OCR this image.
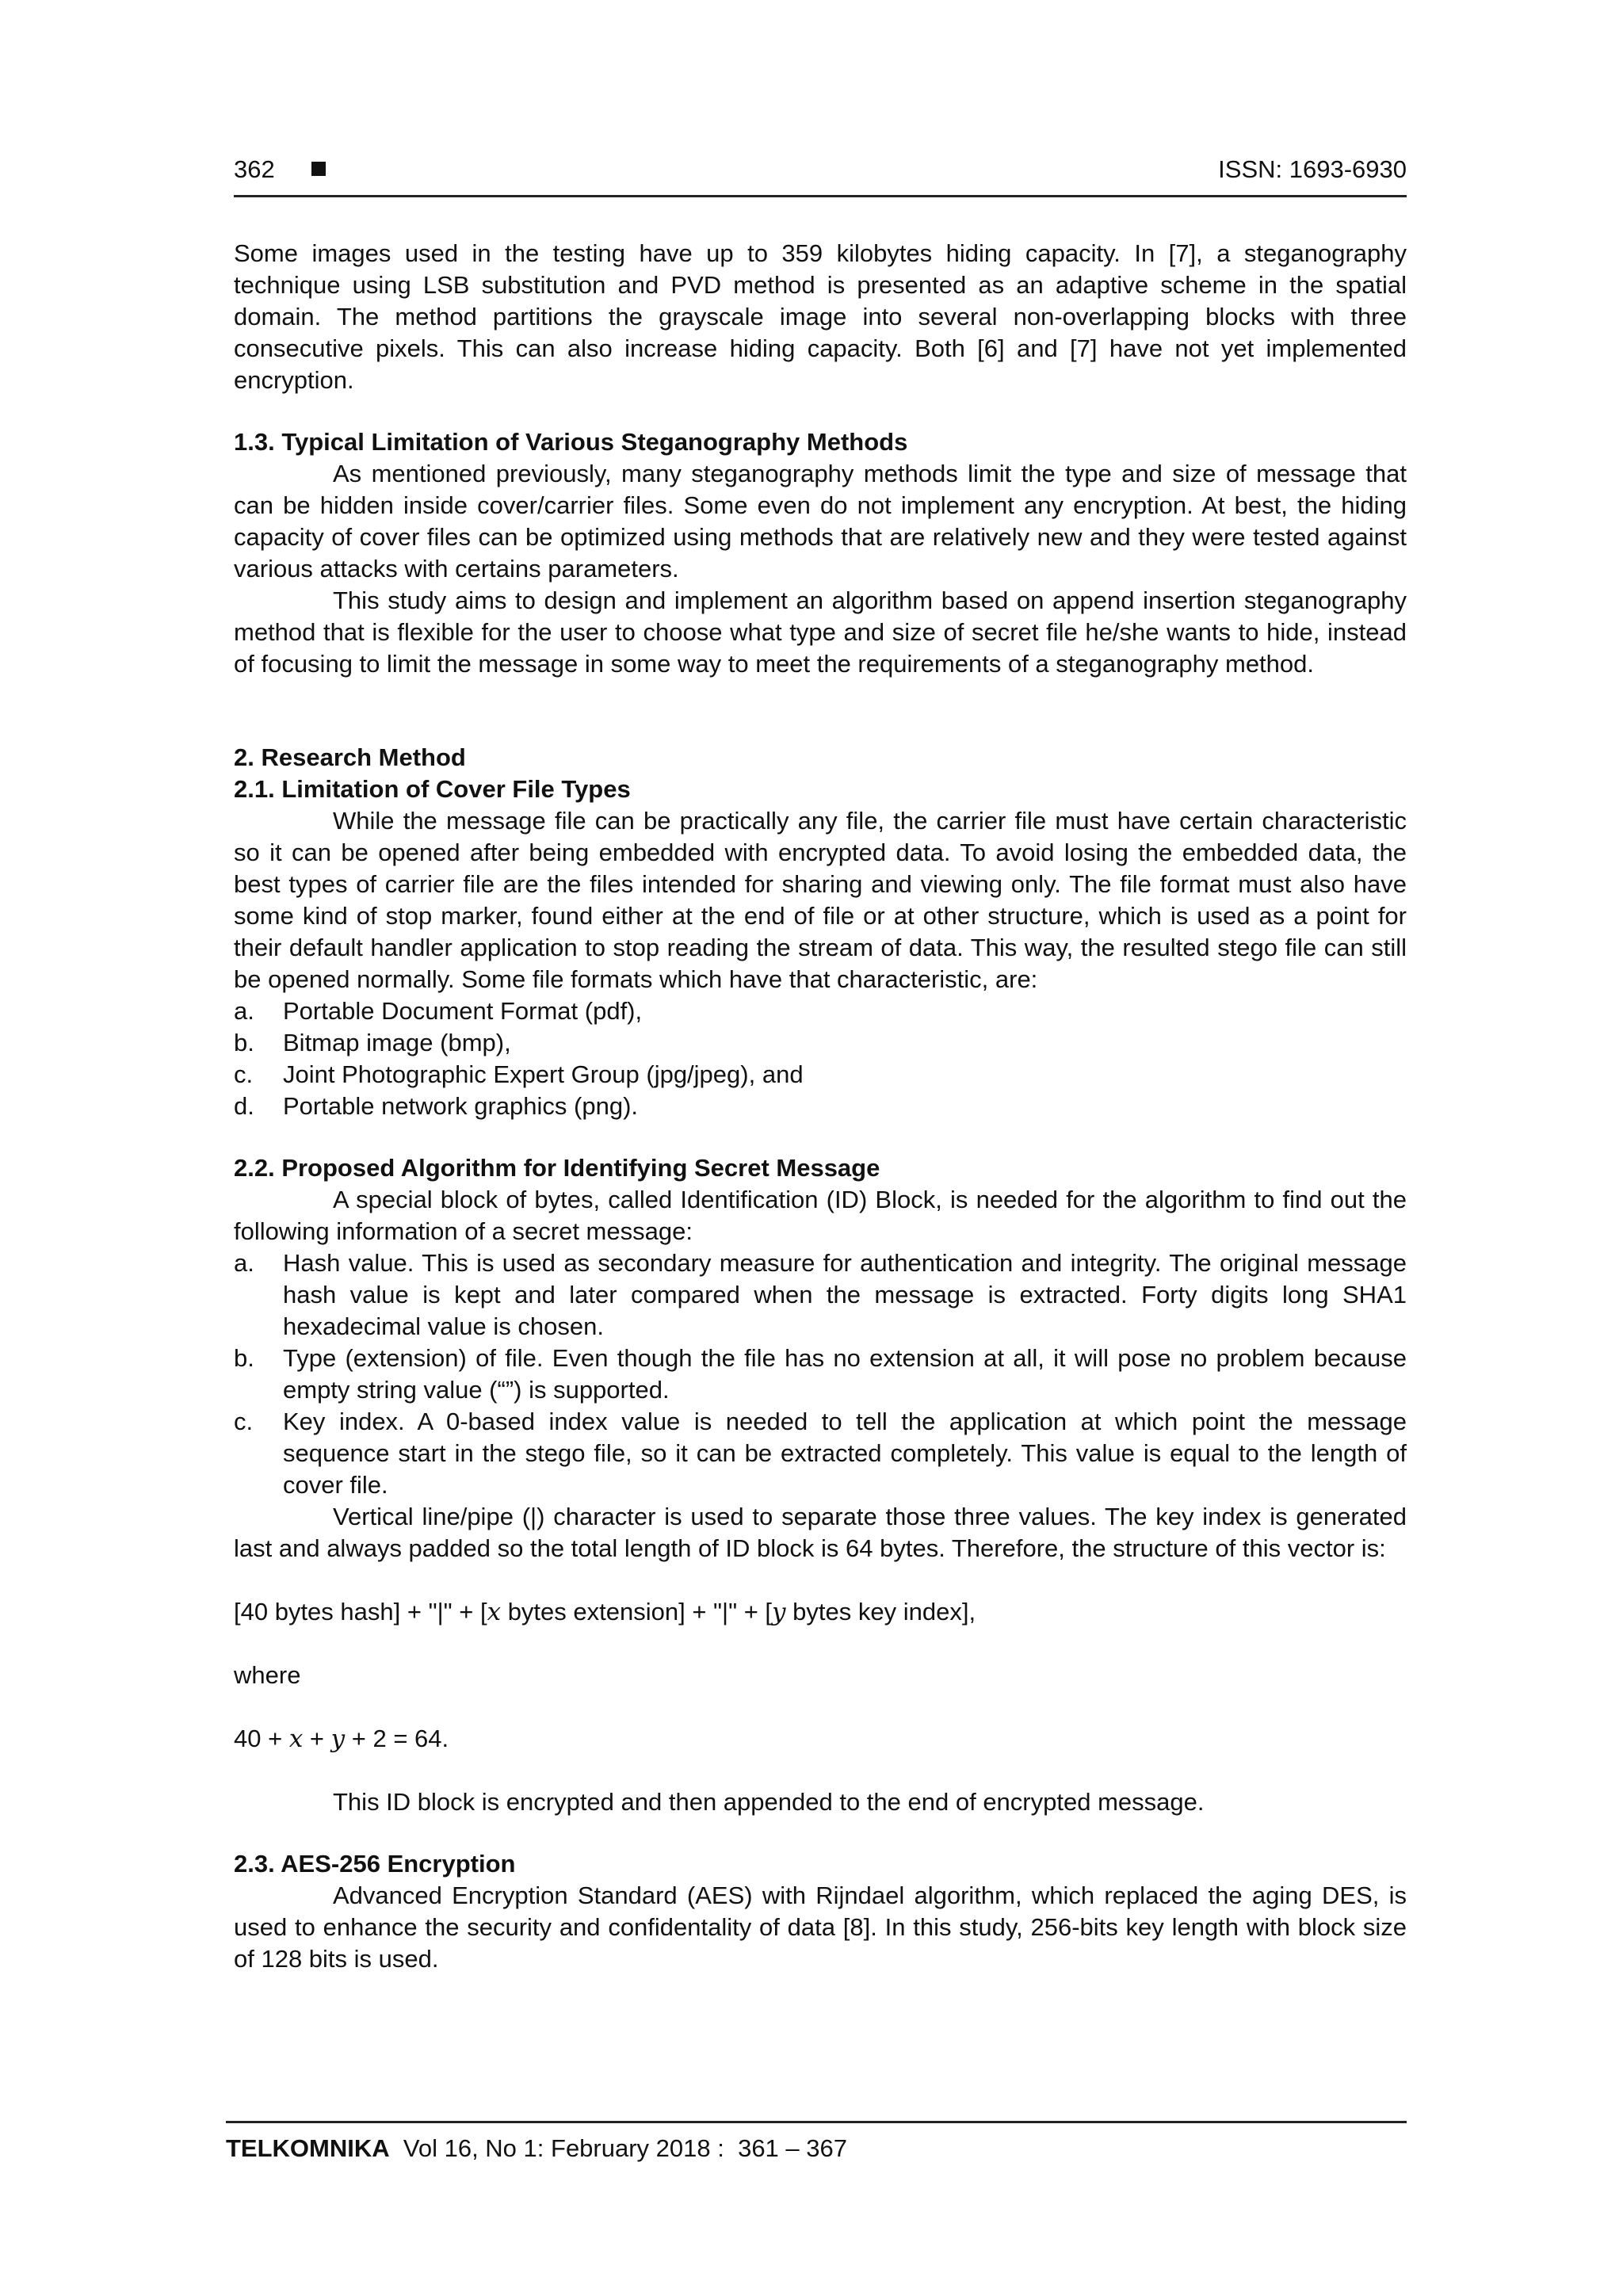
362	ISSN: 1693-6930

Some images used in the testing have up to 359 kilobytes hiding capacity. In [7], a steganography technique using LSB substitution and PVD method is presented as an adaptive scheme in the spatial domain. The method partitions the grayscale image into several non-overlapping blocks with three consecutive pixels. This can also increase hiding capacity. Both [6] and [7] have not yet implemented encryption.

1.3. Typical Limitation of Various Steganography Methods

As mentioned previously, many steganography methods limit the type and size of message that can be hidden inside cover/carrier files. Some even do not implement any encryption. At best, the hiding capacity of cover files can be optimized using methods that are relatively new and they were tested against various attacks with certains parameters.

This study aims to design and implement an algorithm based on append insertion steganography method that is flexible for the user to choose what type and size of secret file he/she wants to hide, instead of focusing to limit the message in some way to meet the requirements of a steganography method.

2. Research Method

2.1. Limitation of Cover File Types

While the message file can be practically any file, the carrier file must have certain characteristic so it can be opened after being embedded with encrypted data. To avoid losing the embedded data, the best types of carrier file are the files intended for sharing and viewing only. The file format must also have some kind of stop marker, found either at the end of file or at other structure, which is used as a point for their default handler application to stop reading the stream of data. This way, the resulted stego file can still be opened normally. Some file formats which have that characteristic, are:

a. Portable Document Format (pdf),
b. Bitmap image (bmp),
c. Joint Photographic Expert Group (jpg/jpeg), and
d. Portable network graphics (png).

2.2. Proposed Algorithm for Identifying Secret Message

A special block of bytes, called Identification (ID) Block, is needed for the algorithm to find out the following information of a secret message:

a. Hash value. This is used as secondary measure for authentication and integrity. The original message hash value is kept and later compared when the message is extracted. Forty digits long SHA1 hexadecimal value is chosen.
b. Type (extension) of file. Even though the file has no extension at all, it will pose no problem because empty string value (“”) is supported.
c. Key index. A 0-based index value is needed to tell the application at which point the message sequence start in the stego file, so it can be extracted completely. This value is equal to the length of cover file.

Vertical line/pipe (|) character is used to separate those three values. The key index is generated last and always padded so the total length of ID block is 64 bytes. Therefore, the structure of this vector is:

[40 bytes hash] + "|" + [x bytes extension] + "|" + [y bytes key index],

where

40 + x + y + 2 = 64.

This ID block is encrypted and then appended to the end of encrypted message.

2.3. AES-256 Encryption

Advanced Encryption Standard (AES) with Rijndael algorithm, which replaced the aging DES, is used to enhance the security and confidentality of data [8]. In this study, 256-bits key length with block size of 128 bits is used.

TELKOMNIKA  Vol 16, No 1: February 2018 :  361 – 367
